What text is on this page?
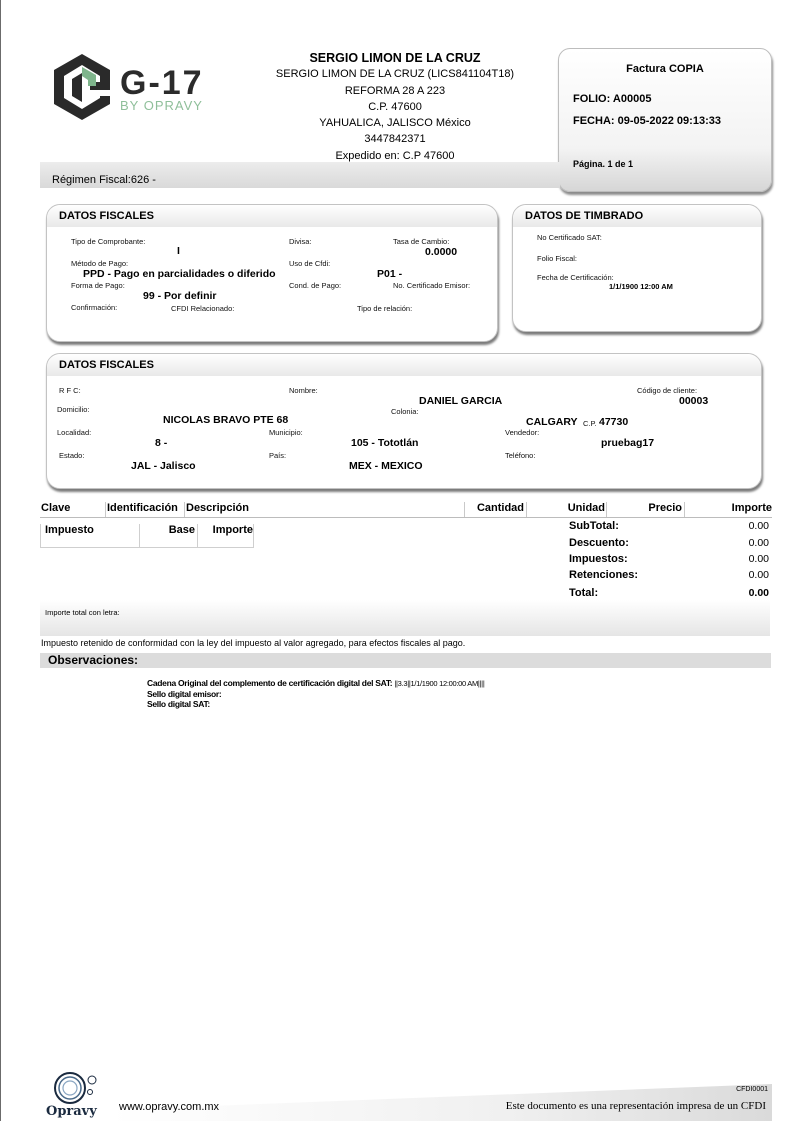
G-17
BY OPRAVY
SERGIO LIMON DE LA CRUZ
SERGIO LIMON DE LA CRUZ (LICS841104T18)
REFORMA 28 A 223
C.P. 47600
YAHUALICA, JALISCO México
3447842371
Expedido en: C.P 47600
Factura COPIA
FOLIO: A00005
FECHA: 09-05-2022 09:13:33
Página. 1 de 1
Régimen Fiscal:626 -
DATOS FISCALES
Tipo de Comprobante:
I
Divisa:	Tasa de Cambio:
0.0000
Método de Pago:
PPD - Pago en parcialidades o diferido
Uso de Cfdi:
P01 -
Forma de Pago:
99 - Por definir
Cond. de Pago:	No. Certificado Emisor:
Confirmación:	CFDI Relacionado:	Tipo de relación:
DATOS DE TIMBRADO
No Certificado SAT:
Folio Fiscal:
Fecha de Certificación:
1/1/1900 12:00 AM
DATOS FISCALES
R F C:	Nombre:
DANIEL GARCIA
Código de cliente:
00003
Domicilio:
NICOLAS BRAVO PTE 68
Colonia:
CALGARY C.P. 47730
Localidad:
8 -
Municipio:
105 - Tototlán
Vendedor:
pruebag17
Estado:
JAL - Jalisco
País:
MEX - MEXICO
Teléfono:
Clave	Identificación Descripción	Cantidad	Unidad	Precio	Importe
Impuesto	Base	Importe	SubTotal:	0.00
Descuento:	0.00
Impuestos:	0.00
Retenciones:	0.00
Total:	0.00
Importe total con letra:
Impuesto retenido de conformidad con la ley del impuesto al valor agregado, para efectos fiscales al pago.
Observaciones:
Cadena Original del complemento de certificación digital del SAT: ||3.3||1/1/1900 12:00:00 AM||||
Sello digital emisor:
Sello digital SAT:
Opravy www.opravy.com.mx
CFDI0001
Este documento es una representación impresa de un CFDI
